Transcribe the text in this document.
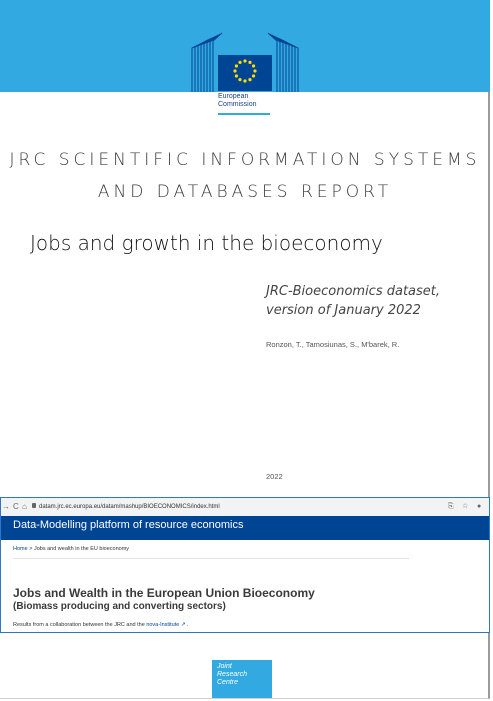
European
Commission
JRC SCIENTIFIC INFORMATION SYSTEMS
AND DATABASES REPORT
Jobs and growth in the bioeconomy
JRC-Bioeconomics dataset,
version of January 2022
Ronzon, T., Tamosiunas, S., M'barek, R.
2022
→ C ⌂ datam.jrc.ec.europa.eu/datam/mashup/BIOECONOMICS/index.html	⎘ ☆ ●
Data-Modelling platform of resource economics
Home > Jobs and wealth in the EU bioeconomy
Jobs and Wealth in the European Union Bioeconomy
(Biomass producing and converting sectors)
Results from a collaboration between the JRC and the nova-Institute ↗ .
Joint
Research
Centre
